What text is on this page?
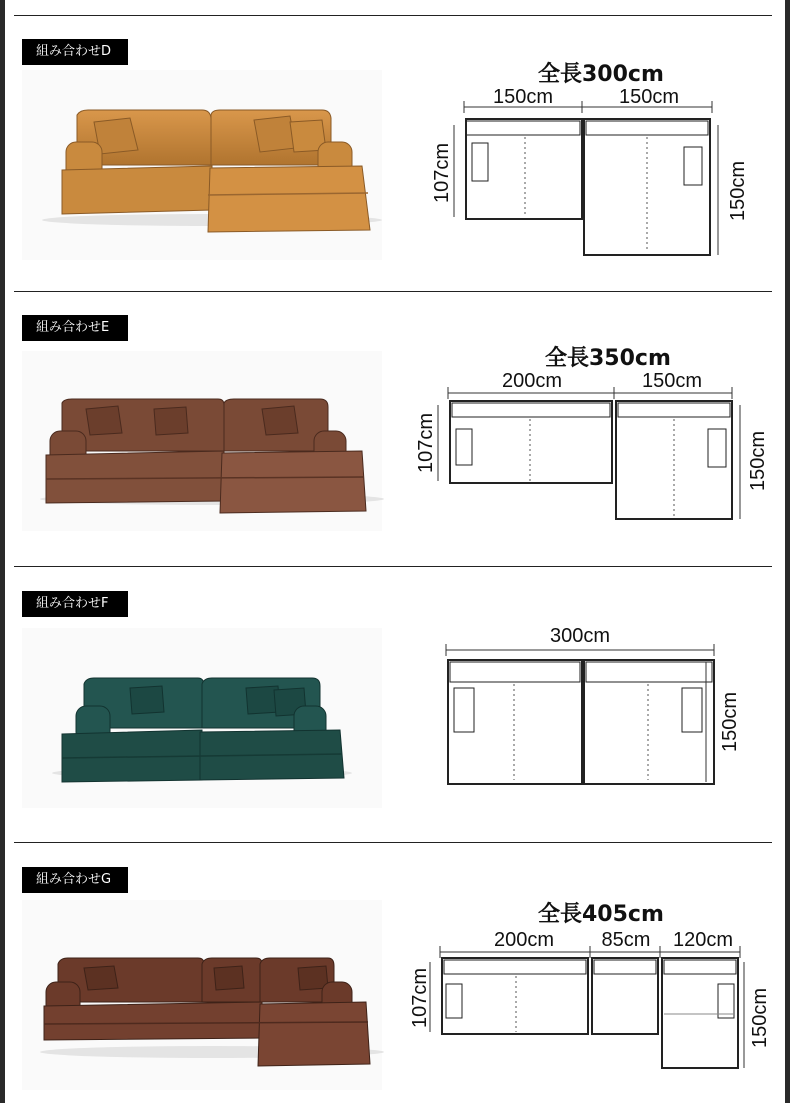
組み合わせD
全長300cm
150cm	150cm
107cm	150cm
組み合わせE
全長350cm
200cm	150cm
107cm	150cm
組み合わせF
300cm
150cm
組み合わせG
全長405cm
200cm 85cm 120cm
107cm	150cm
